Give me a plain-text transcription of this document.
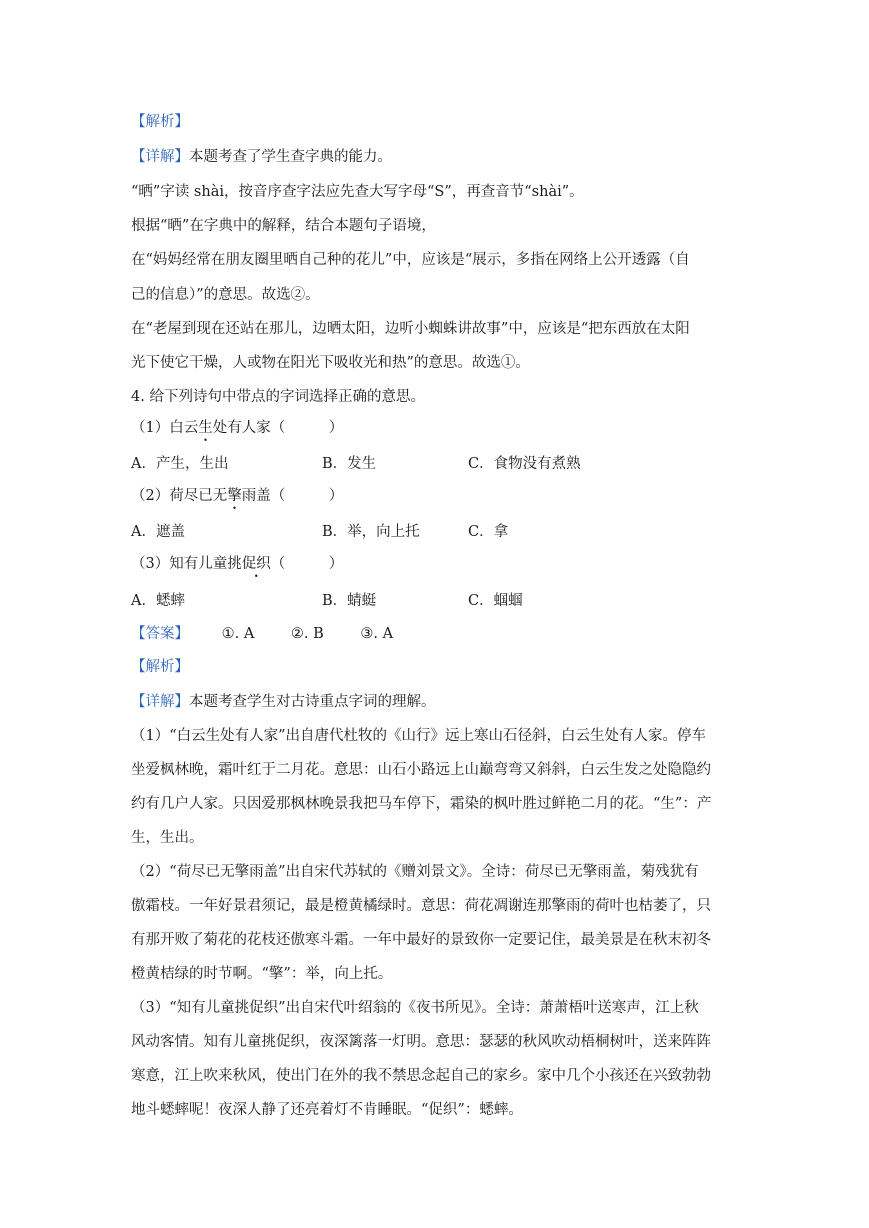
【解析】
【详解】本题考查了学生查字典的能力。
“晒”字读 shài，按音序查字法应先查大写字母“S”，再查音节“shài”。
根据“晒”在字典中的解释，结合本题句子语境，
在“妈妈经常在朋友圈里晒自己种的花儿”中，应该是“展示，多指在网络上公开透露（自
己的信息）”的意思。故选②。
在“老屋到现在还站在那儿，边晒太阳，边听小蜘蛛讲故事”中，应该是“把东西放在太阳
光下使它干燥，人或物在阳光下吸收光和热”的意思。故选①。
4. 给下列诗句中带点的字词选择正确的意思。
（1）白云生处有人家（　　　）
A．产生，生出	B．发生	C．食物没有煮熟
（2）荷尽已无擎雨盖（　　　）
A．遮盖	B．举，向上托	C．拿
（3）知有儿童挑促织（　　　）
A．蟋蟀	B．蜻蜓	C．蝈蝈
【答案】 ①. A	②. B	③. A
【解析】
【详解】本题考查学生对古诗重点字词的理解。
（1）“白云生处有人家”出自唐代杜牧的《山行》远上寒山石径斜，白云生处有人家。停车
坐爱枫林晚，霜叶红于二月花。意思：山石小路远上山巅弯弯又斜斜，白云生发之处隐隐约
约有几户人家。只因爱那枫林晚景我把马车停下，霜染的枫叶胜过鲜艳二月的花。“生”：产
生，生出。
（2）“荷尽已无擎雨盖”出自宋代苏轼的《赠刘景文》。全诗：荷尽已无擎雨盖，菊残犹有
傲霜枝。一年好景君须记，最是橙黄橘绿时。意思：荷花凋谢连那擎雨的荷叶也枯萎了，只
有那开败了菊花的花枝还傲寒斗霜。一年中最好的景致你一定要记住，最美景是在秋末初冬
橙黄桔绿的时节啊。“擎”：举，向上托。
（3）“知有儿童挑促织”出自宋代叶绍翁的《夜书所见》。全诗：萧萧梧叶送寒声，江上秋
风动客情。知有儿童挑促织，夜深篱落一灯明。意思：瑟瑟的秋风吹动梧桐树叶，送来阵阵
寒意，江上吹来秋风，使出门在外的我不禁思念起自己的家乡。家中几个小孩还在兴致勃勃
地斗蟋蟀呢！夜深人静了还亮着灯不肯睡眠。“促织”：蟋蟀。
